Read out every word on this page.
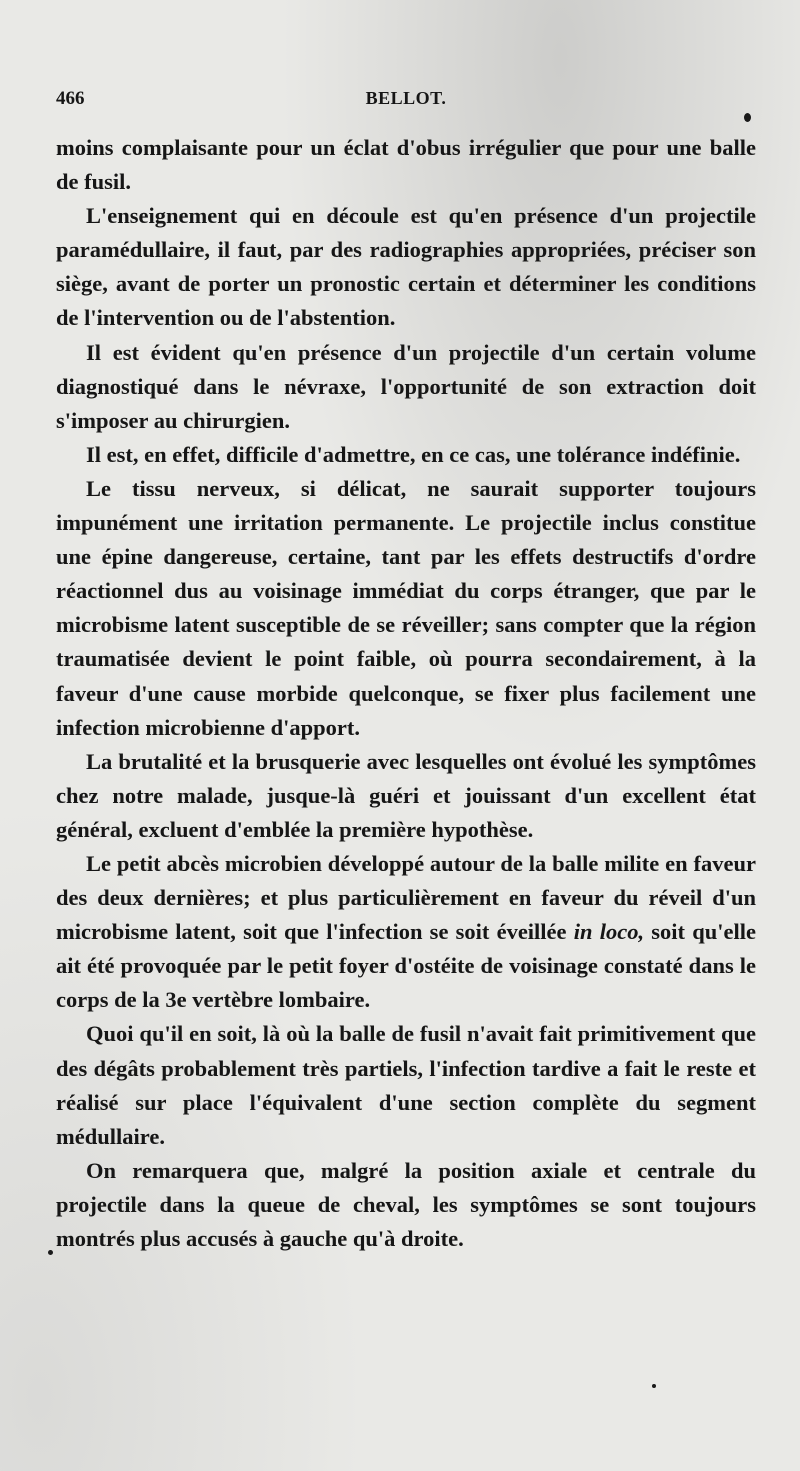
466	BELLOT.

moins complaisante pour un éclat d'obus irrégulier que pour une balle de fusil.

L'enseignement qui en découle est qu'en présence d'un projectile paramédullaire, il faut, par des radiographies appropriées, préciser son siège, avant de porter un pronostic certain et déterminer les conditions de l'intervention ou de l'abstention.

Il est évident qu'en présence d'un projectile d'un certain volume diagnostiqué dans le névraxe, l'opportunité de son extraction doit s'imposer au chirurgien.

Il est, en effet, difficile d'admettre, en ce cas, une tolérance indéfinie.

Le tissu nerveux, si délicat, ne saurait supporter toujours impunément une irritation permanente. Le projectile inclus constitue une épine dangereuse, certaine, tant par les effets destructifs d'ordre réactionnel dus au voisinage immédiat du corps étranger, que par le microbisme latent susceptible de se réveiller; sans compter que la région traumatisée devient le point faible, où pourra secondairement, à la faveur d'une cause morbide quelconque, se fixer plus facilement une infection microbienne d'apport.

La brutalité et la brusquerie avec lesquelles ont évolué les symptômes chez notre malade, jusque-là guéri et jouissant d'un excellent état général, excluent d'emblée la première hypothèse.

Le petit abcès microbien développé autour de la balle milite en faveur des deux dernières; et plus particulièrement en faveur du réveil d'un microbisme latent, soit que l'infection se soit éveillée in loco, soit qu'elle ait été provoquée par le petit foyer d'ostéite de voisinage constaté dans le corps de la 3e vertèbre lombaire.

Quoi qu'il en soit, là où la balle de fusil n'avait fait primitivement que des dégâts probablement très partiels, l'infection tardive a fait le reste et réalisé sur place l'équivalent d'une section complète du segment médullaire.

On remarquera que, malgré la position axiale et centrale du projectile dans la queue de cheval, les symptômes se sont toujours montrés plus accusés à gauche qu'à droite.
